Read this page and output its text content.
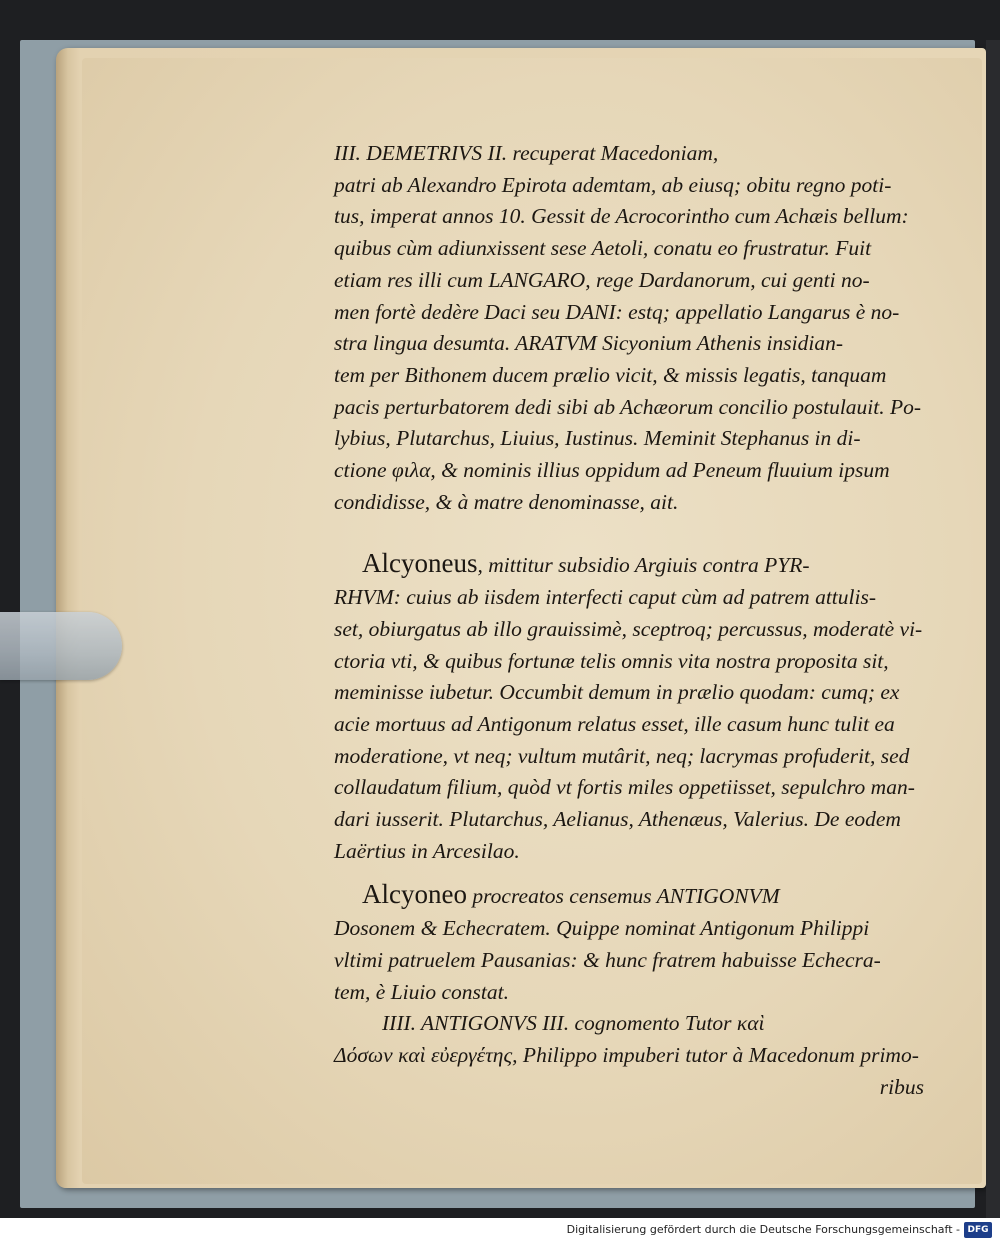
III. DEMETRIVS II. recuperat Macedoniam,
patri ab Alexandro Epirota ademtam, ab eiusq; obitu regno poti-
tus, imperat annos 10. Gessit de Acrocorintho cum Achæis bellum:
quibus cùm adiunxissent sese Aetoli, conatu eo frustratur. Fuit
etiam res illi cum LANGARO, rege Dardanorum, cui genti no-
men fortè dedère Daci seu DANI: estq; appellatio Langarus è no-
stra lingua desumta. ARATVM Sicyonium Athenis insidian-
tem per Bithonem ducem prælio vicit, & missis legatis, tanquam
pacis perturbatorem dedi sibi ab Achæorum concilio postulauit. Po-
lybius, Plutarchus, Liuius, Iustinus. Meminit Stephanus in di-
ctione φιλα, & nominis illius oppidum ad Peneum fluuium ipsum
condidisse, & à matre denominasse, ait.
Alcyoneus, mittitur subsidio Argiuis contra PYR-
RHVM: cuius ab iisdem interfecti caput cùm ad patrem attulis-
set, obiurgatus ab illo grauissimè, sceptroq; percussus, moderatè vi-
ctoria vti, & quibus fortunæ telis omnis vita nostra proposita sit,
meminisse iubetur. Occumbit demum in prælio quodam: cumq; ex
acie mortuus ad Antigonum relatus esset, ille casum hunc tulit ea
moderatione, vt neq; vultum mutârit, neq; lacrymas profuderit, sed
collaudatum filium, quòd vt fortis miles oppetiisset, sepulchro man-
dari iusserit. Plutarchus, Aelianus, Athenæus, Valerius. De eodem
Laërtius in Arcesilao.
Alcyoneo procreatos censemus ANTIGONVM
Dosonem & Echecratem. Quippe nominat Antigonum Philippi
vltimi patruelem Pausanias: & hunc fratrem habuisse Echecra-
tem, è Liuio constat.
IIII. ANTIGONVS III. cognomento Tutor καὶ
Δόσων καὶ εὐεργέτης, Philippo impuberi tutor à Macedonum primo-
ribus
Digitalisierung gefördert durch die Deutsche Forschungsgemeinschaft - DFG
